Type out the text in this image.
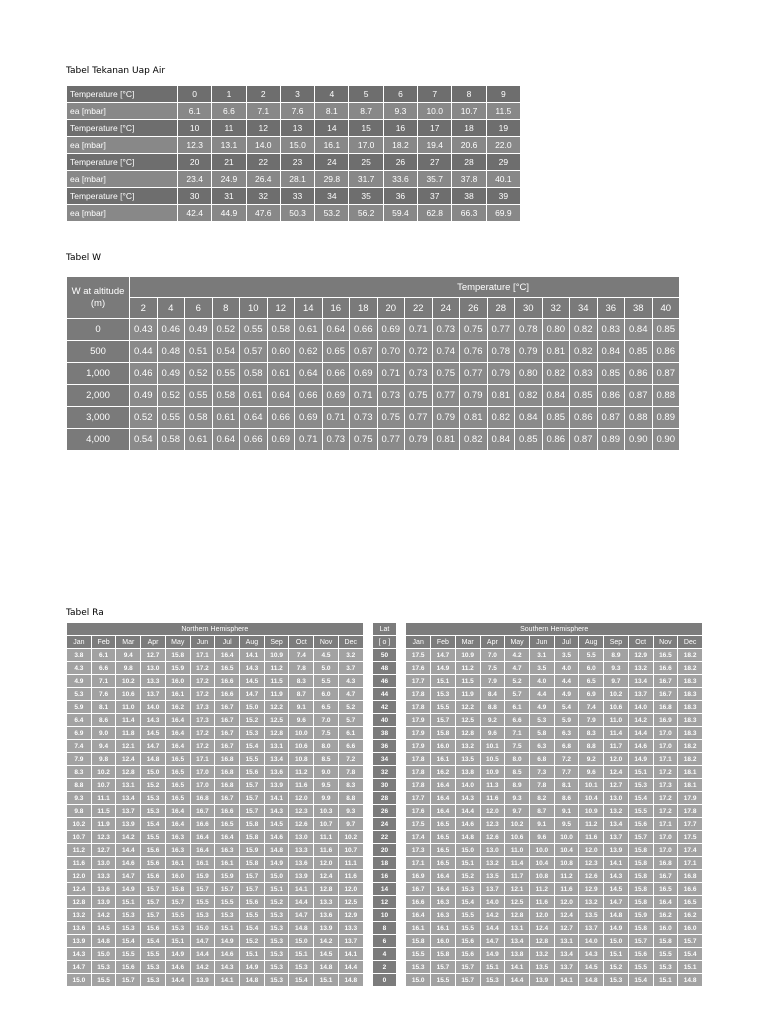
Tabel Tekanan Uap Air
Temperature [°C]	0	1	2	3	4	5	6	7	8	9
ea [mbar]	6.1	6.6	7.1	7.6	8.1	8.7	9.3	10.0	10.7	11.5
Temperature [°C]	10	11	12	13	14	15	16	17	18	19
ea [mbar]	12.3	13.1	14.0	15.0	16.1	17.0	18.2	19.4	20.6	22.0
Temperature [°C]	20	21	22	23	24	25	26	27	28	29
ea [mbar]	23.4	24.9	26.4	28.1	29.8	31.7	33.6	35.7	37.8	40.1
Temperature [°C]	30	31	32	33	34	35	36	37	38	39
ea [mbar]	42.4	44.9	47.6	50.3	53.2	56.2	59.4	62.8	66.3	69.9
Tabel W
W at altitude (m)	Temperature [°C]																			
	2	4	6	8	10	12	14	16	18	20	22	24	26	28	30	32	34	36	38	40
0	0.43	0.46	0.49	0.52	0.55	0.58	0.61	0.64	0.66	0.69	0.71	0.73	0.75	0.77	0.78	0.80	0.82	0.83	0.84	0.85
500	0.44	0.48	0.51	0.54	0.57	0.60	0.62	0.65	0.67	0.70	0.72	0.74	0.76	0.78	0.79	0.81	0.82	0.84	0.85	0.86
1,000	0.46	0.49	0.52	0.55	0.58	0.61	0.64	0.66	0.69	0.71	0.73	0.75	0.77	0.79	0.80	0.82	0.83	0.85	0.86	0.87
2,000	0.49	0.52	0.55	0.58	0.61	0.64	0.66	0.69	0.71	0.73	0.75	0.77	0.79	0.81	0.82	0.84	0.85	0.86	0.87	0.88
3,000	0.52	0.55	0.58	0.61	0.64	0.66	0.69	0.71	0.73	0.75	0.77	0.79	0.81	0.82	0.84	0.85	0.86	0.87	0.88	0.89
4,000	0.54	0.58	0.61	0.64	0.66	0.69	0.71	0.73	0.75	0.77	0.79	0.81	0.82	0.84	0.85	0.86	0.87	0.89	0.90	0.90
Tabel Ra
Northern Hemisphere													Lat		Southern Hemisphere											
Jan	Feb	Mar	Apr	May	Jun	Jul	Aug	Sep	Oct	Nov	Dec		[ o ]		Jan	Feb	Mar	Apr	May	Jun	Jul	Aug	Sep	Oct	Nov	Dec
3.8	6.1	9.4	12.7	15.8	17.1	16.4	14.1	10.9	7.4	4.5	3.2		50		17.5	14.7	10.9	7.0	4.2	3.1	3.5	5.5	8.9	12.9	16.5	18.2
4.3	6.6	9.8	13.0	15.9	17.2	16.5	14.3	11.2	7.8	5.0	3.7		48		17.6	14.9	11.2	7.5	4.7	3.5	4.0	6.0	9.3	13.2	16.6	18.2
4.9	7.1	10.2	13.3	16.0	17.2	16.6	14.5	11.5	8.3	5.5	4.3		46		17.7	15.1	11.5	7.9	5.2	4.0	4.4	6.5	9.7	13.4	16.7	18.3
5.3	7.6	10.6	13.7	16.1	17.2	16.6	14.7	11.9	8.7	6.0	4.7		44		17.8	15.3	11.9	8.4	5.7	4.4	4.9	6.9	10.2	13.7	16.7	18.3
5.9	8.1	11.0	14.0	16.2	17.3	16.7	15.0	12.2	9.1	6.5	5.2		42		17.8	15.5	12.2	8.8	6.1	4.9	5.4	7.4	10.6	14.0	16.8	18.3
6.4	8.6	11.4	14.3	16.4	17.3	16.7	15.2	12.5	9.6	7.0	5.7		40		17.9	15.7	12.5	9.2	6.6	5.3	5.9	7.9	11.0	14.2	16.9	18.3
6.9	9.0	11.8	14.5	16.4	17.2	16.7	15.3	12.8	10.0	7.5	6.1		38		17.9	15.8	12.8	9.6	7.1	5.8	6.3	8.3	11.4	14.4	17.0	18.3
7.4	9.4	12.1	14.7	16.4	17.2	16.7	15.4	13.1	10.6	8.0	6.6		36		17.9	16.0	13.2	10.1	7.5	6.3	6.8	8.8	11.7	14.6	17.0	18.2
7.9	9.8	12.4	14.8	16.5	17.1	16.8	15.5	13.4	10.8	8.5	7.2		34		17.8	16.1	13.5	10.5	8.0	6.8	7.2	9.2	12.0	14.9	17.1	18.2
8.3	10.2	12.8	15.0	16.5	17.0	16.8	15.6	13.6	11.2	9.0	7.8		32		17.8	16.2	13.8	10.9	8.5	7.3	7.7	9.6	12.4	15.1	17.2	18.1
8.8	10.7	13.1	15.2	16.5	17.0	16.8	15.7	13.9	11.6	9.5	8.3		30		17.8	16.4	14.0	11.3	8.9	7.8	8.1	10.1	12.7	15.3	17.3	18.1
9.3	11.1	13.4	15.3	16.5	16.8	16.7	15.7	14.1	12.0	9.9	8.8		28		17.7	16.4	14.3	11.6	9.3	8.2	8.6	10.4	13.0	15.4	17.2	17.9
9.8	11.5	13.7	15.3	16.4	16.7	16.6	15.7	14.3	12.3	10.3	9.3		26		17.6	16.4	14.4	12.0	9.7	8.7	9.1	10.9	13.2	15.5	17.2	17.8
10.2	11.9	13.9	15.4	16.4	16.6	16.5	15.8	14.5	12.6	10.7	9.7		24		17.5	16.5	14.6	12.3	10.2	9.1	9.5	11.2	13.4	15.6	17.1	17.7
10.7	12.3	14.2	15.5	16.3	16.4	16.4	15.8	14.6	13.0	11.1	10.2		22		17.4	16.5	14.8	12.6	10.6	9.6	10.0	11.6	13.7	15.7	17.0	17.5
11.2	12.7	14.4	15.6	16.3	16.4	16.3	15.9	14.8	13.3	11.6	10.7		20		17.3	16.5	15.0	13.0	11.0	10.0	10.4	12.0	13.9	15.8	17.0	17.4
11.6	13.0	14.6	15.6	16.1	16.1	16.1	15.8	14.9	13.6	12.0	11.1		18		17.1	16.5	15.1	13.2	11.4	10.4	10.8	12.3	14.1	15.8	16.8	17.1
12.0	13.3	14.7	15.6	16.0	15.9	15.9	15.7	15.0	13.9	12.4	11.6		16		16.9	16.4	15.2	13.5	11.7	10.8	11.2	12.6	14.3	15.8	16.7	16.8
12.4	13.6	14.9	15.7	15.8	15.7	15.7	15.7	15.1	14.1	12.8	12.0		14		16.7	16.4	15.3	13.7	12.1	11.2	11.6	12.9	14.5	15.8	16.5	16.6
12.8	13.9	15.1	15.7	15.7	15.5	15.5	15.6	15.2	14.4	13.3	12.5		12		16.6	16.3	15.4	14.0	12.5	11.6	12.0	13.2	14.7	15.8	16.4	16.5
13.2	14.2	15.3	15.7	15.5	15.3	15.3	15.5	15.3	14.7	13.6	12.9		10		16.4	16.3	15.5	14.2	12.8	12.0	12.4	13.5	14.8	15.9	16.2	16.2
13.6	14.5	15.3	15.6	15.3	15.0	15.1	15.4	15.3	14.8	13.9	13.3		8		16.1	16.1	15.5	14.4	13.1	12.4	12.7	13.7	14.9	15.8	16.0	16.0
13.9	14.8	15.4	15.4	15.1	14.7	14.9	15.2	15.3	15.0	14.2	13.7		6		15.8	16.0	15.6	14.7	13.4	12.8	13.1	14.0	15.0	15.7	15.8	15.7
14.3	15.0	15.5	15.5	14.9	14.4	14.6	15.1	15.3	15.1	14.5	14.1		4		15.5	15.8	15.6	14.9	13.8	13.2	13.4	14.3	15.1	15.6	15.5	15.4
14.7	15.3	15.6	15.3	14.6	14.2	14.3	14.9	15.3	15.3	14.8	14.4		2		15.3	15.7	15.7	15.1	14.1	13.5	13.7	14.5	15.2	15.5	15.3	15.1
15.0	15.5	15.7	15.3	14.4	13.9	14.1	14.8	15.3	15.4	15.1	14.8		0		15.0	15.5	15.7	15.3	14.4	13.9	14.1	14.8	15.3	15.4	15.1	14.8
